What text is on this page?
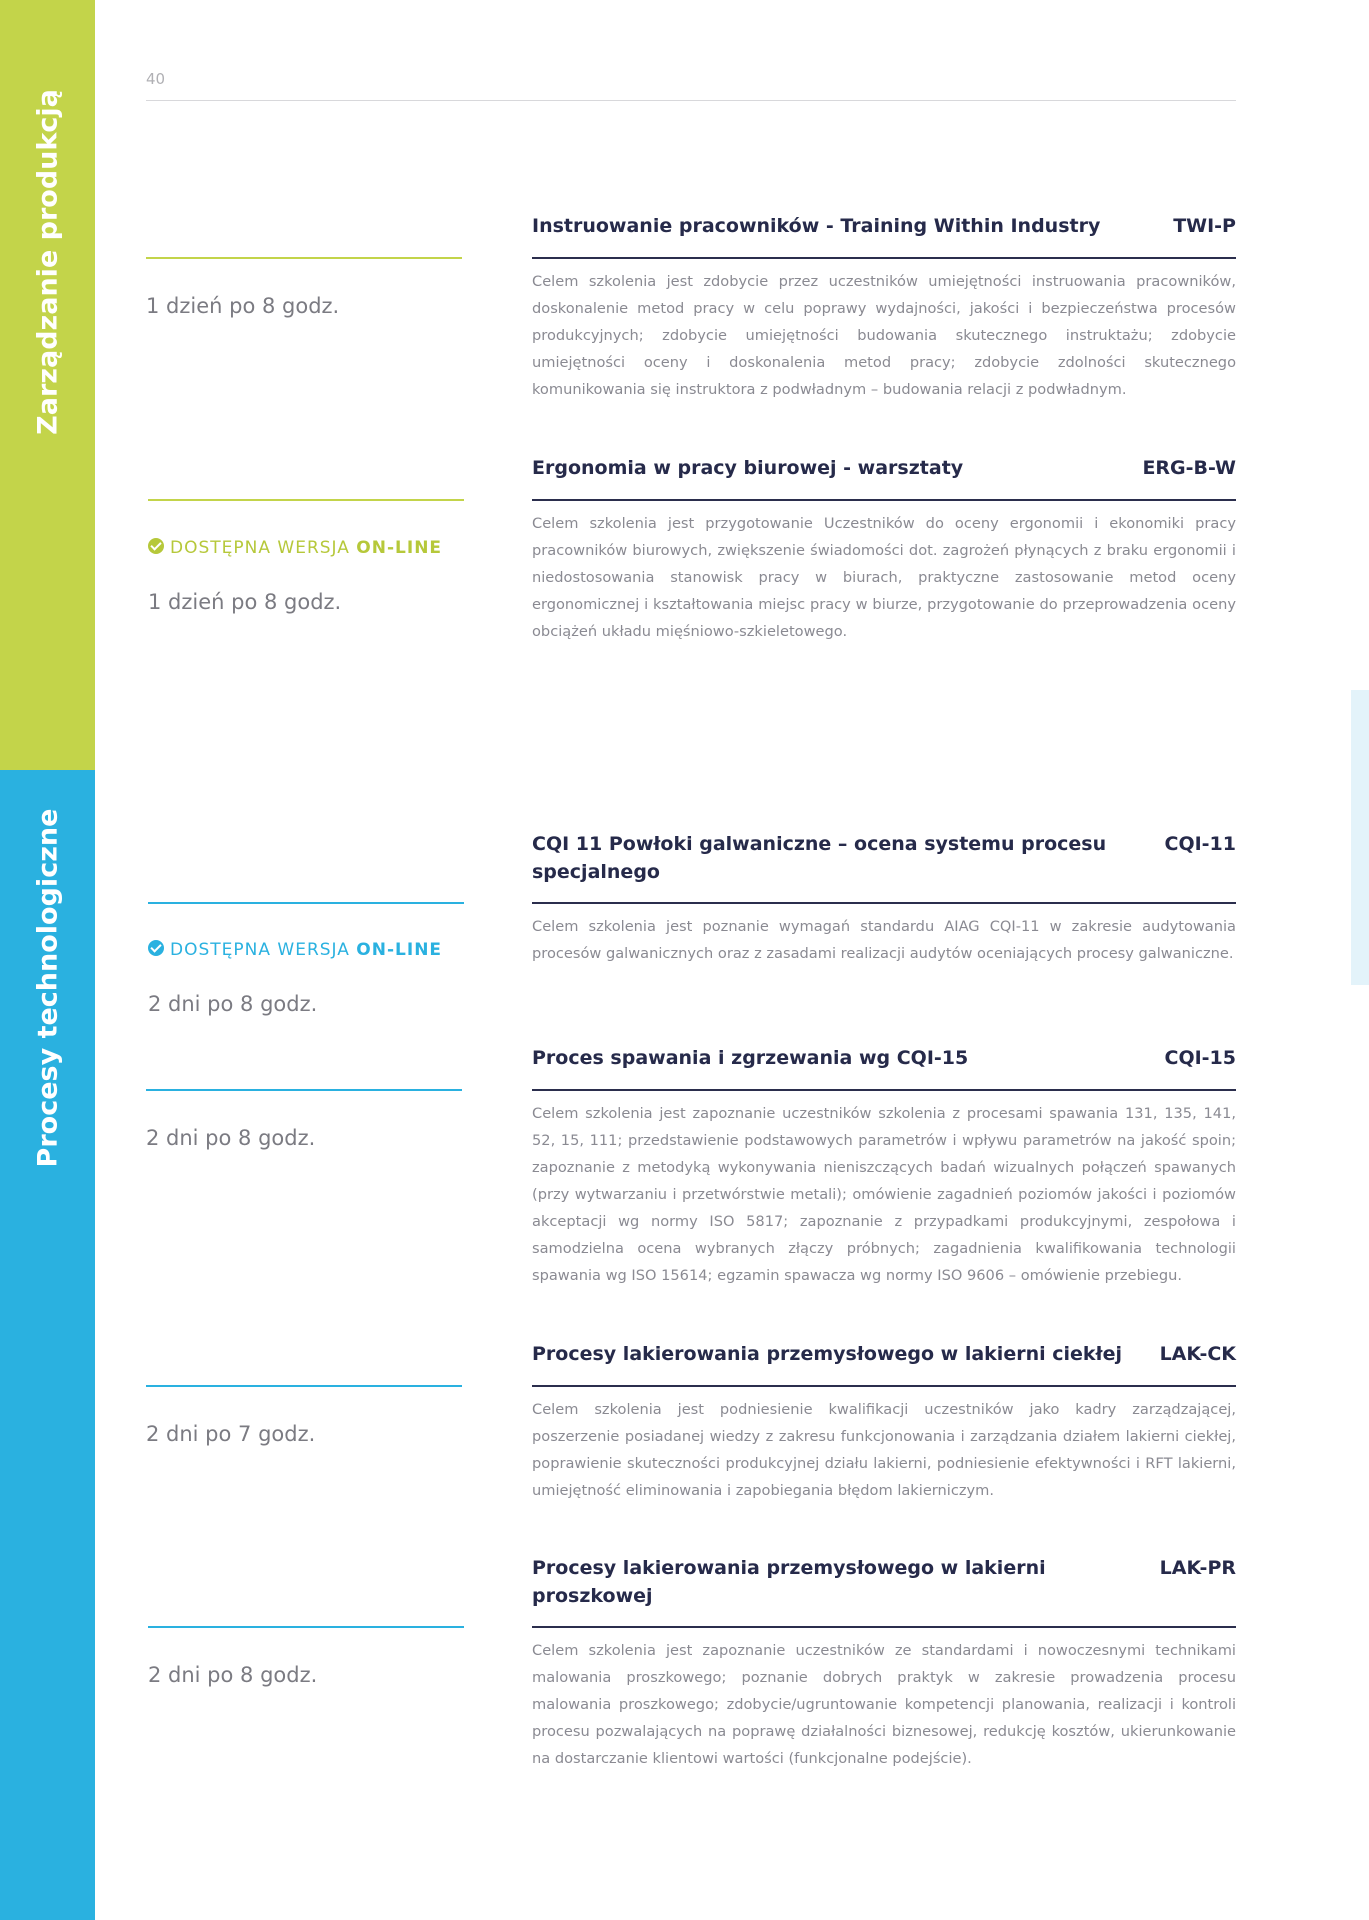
Zarządzanie produkcją
Procesy technologiczne
40
Instruowanie pracowników - Training Within Industry	TWI-P
1 dzień po 8 godz.
Celem szkolenia jest zdobycie przez uczestników umiejętności instruowania pracowników, doskonalenie metod pracy w celu poprawy wydajności, jakości i bezpieczeństwa procesów produkcyjnych; zdobycie umiejętności budowania skutecznego instruktażu; zdobycie umiejętności oceny i doskonalenia metod pracy; zdobycie zdolności skutecznego komunikowania się instruktora z podwładnym – budowania relacji z podwładnym.
Ergonomia w pracy biurowej - warsztaty	ERG-B-W
DOSTĘPNA WERSJA ON-LINE
1 dzień po 8 godz.
Celem szkolenia jest przygotowanie Uczestników do oceny ergonomii i ekonomiki pracy pracowników biurowych, zwiększenie świadomości dot. zagrożeń płynących z braku ergonomii i niedostosowania stanowisk pracy w biurach, praktyczne zastosowanie metod oceny ergonomicznej i kształtowania miejsc pracy w biurze, przygotowanie do przeprowadzenia oceny obciążeń układu mięśniowo-szkieletowego.
CQI 11 Powłoki galwaniczne – ocena systemu procesu specjalnego
CQI-11
DOSTĘPNA WERSJA ON-LINE
2 dni po 8 godz.
Celem szkolenia jest poznanie wymagań standardu AIAG CQI-11 w zakresie audytowania procesów galwanicznych oraz z zasadami realizacji audytów oceniających procesy galwaniczne.
Proces spawania i zgrzewania wg CQI-15	CQI-15
2 dni po 8 godz.
Celem szkolenia jest zapoznanie uczestników szkolenia z procesami spawania 131, 135, 141, 52, 15, 111; przedstawienie podstawowych parametrów i wpływu parametrów na jakość spoin; zapoznanie z metodyką wykonywania nieniszczących badań wizualnych połączeń spawanych (przy wytwarzaniu i przetwórstwie metali); omówienie zagadnień poziomów jakości i poziomów akceptacji wg normy ISO 5817; zapoznanie z przypadkami produkcyjnymi, zespołowa i samodzielna ocena wybranych złączy próbnych; zagadnienia kwalifikowania technologii spawania wg ISO 15614; egzamin spawacza wg normy ISO 9606 – omówienie przebiegu.
Procesy lakierowania przemysłowego w lakierni ciekłej	LAK-CK
2 dni po 7 godz.
Celem szkolenia jest podniesienie kwalifikacji uczestników jako kadry zarządzającej, poszerzenie posiadanej wiedzy z zakresu funkcjonowania i zarządzania działem lakierni ciekłej, poprawienie skuteczności produkcyjnej działu lakierni, podniesienie efektywności i RFT lakierni, umiejętność eliminowania i zapobiegania błędom lakierniczym.
Procesy lakierowania przemysłowego w lakierni proszkowej
LAK-PR
2 dni po 8 godz.
Celem szkolenia jest zapoznanie uczestników ze standardami i nowoczesnymi technikami malowania proszkowego; poznanie dobrych praktyk w zakresie prowadzenia procesu malowania proszkowego; zdobycie/ugruntowanie kompetencji planowania, realizacji i kontroli procesu pozwalających na poprawę działalności biznesowej, redukcję kosztów, ukierunkowanie na dostarczanie klientowi wartości (funkcjonalne podejście).
